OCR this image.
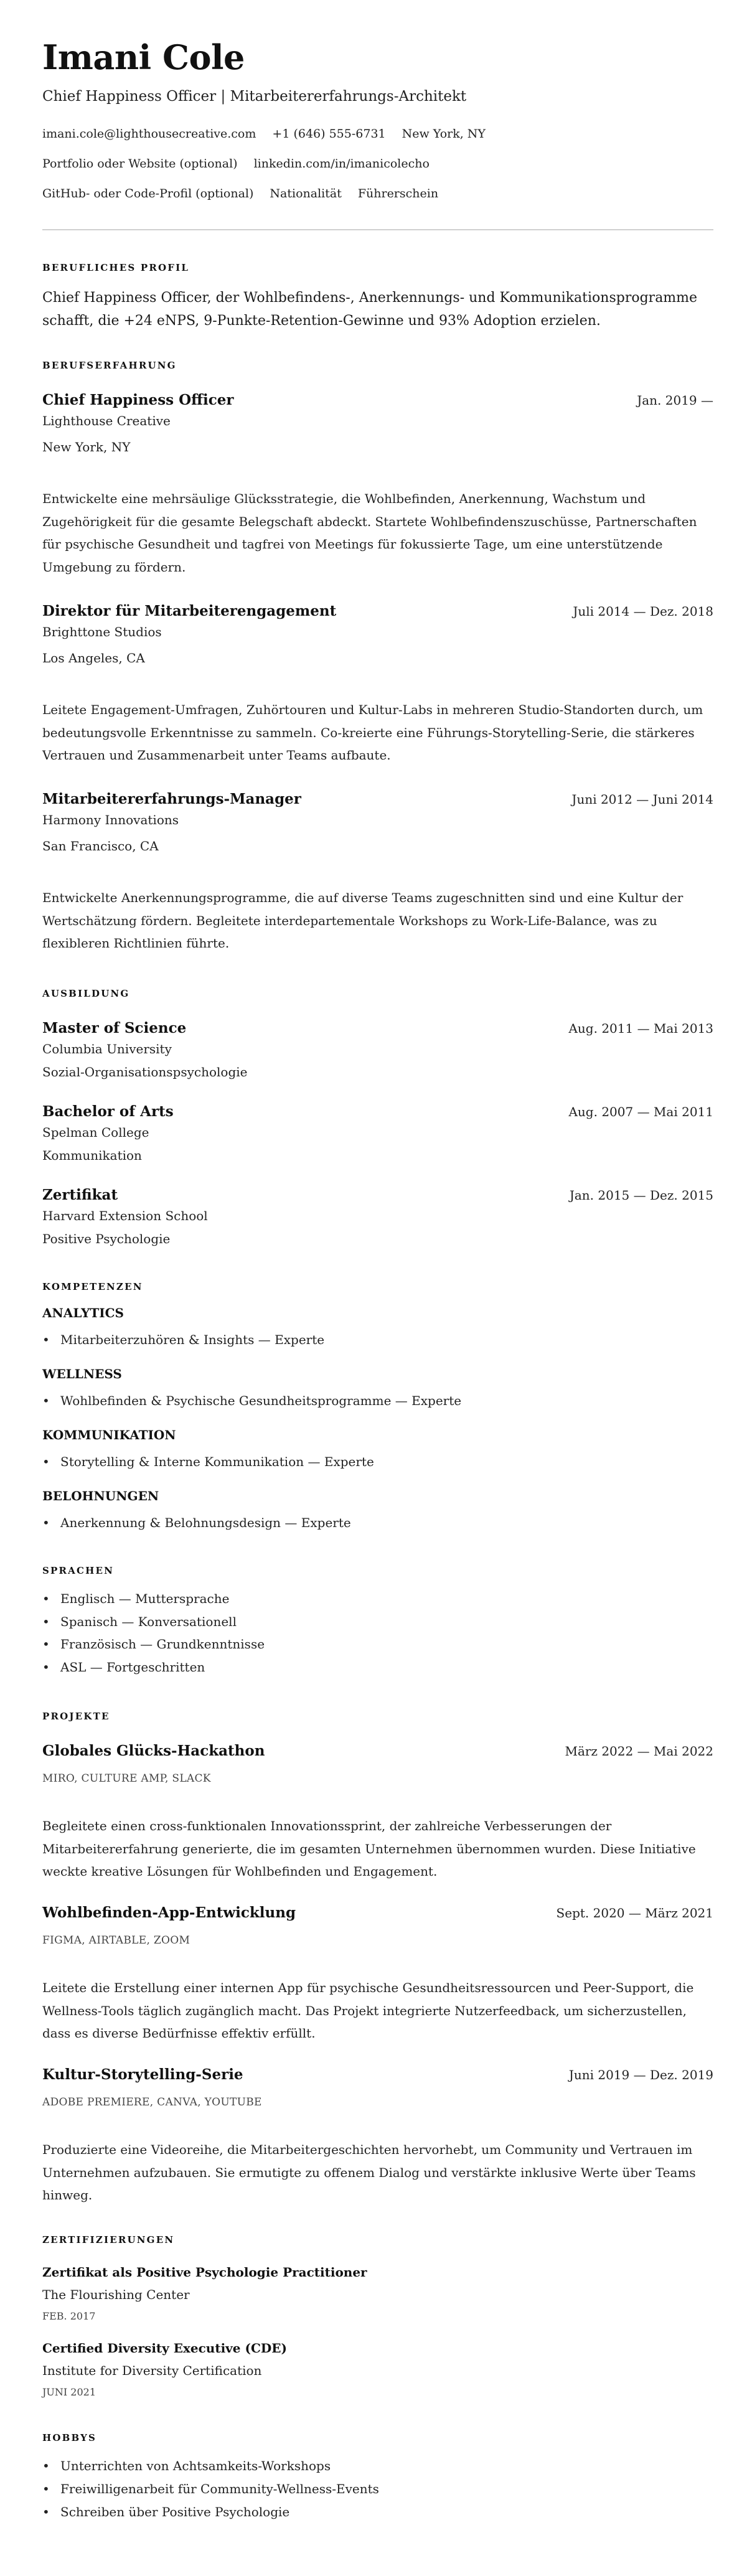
Imani Cole
Chief Happiness Officer | Mitarbeitererfahrungs-Architekt
imani.cole@lighthousecreative.com +1 (646) 555-6731 New York, NY
Portfolio oder Website (optional) linkedin.com/in/imanicolecho
GitHub- oder Code-Profil (optional) Nationalität Führerschein
BERUFLICHES PROFIL

Chief Happiness Officer, der Wohlbefindens-, Anerkennungs- und Kommunikationsprogramme schafft, die +24 eNPS, 9-Punkte-Retention-Gewinne und 93% Adoption erzielen.

BERUFSERFAHRUNG
Chief Happiness Officer	Jan. 2019 —
Lighthouse Creative
New York, NY
Entwickelte eine mehrsäulige Glücksstrategie, die Wohlbefinden, Anerkennung, Wachstum und Zugehörigkeit für die gesamte Belegschaft abdeckt. Startete Wohlbefindenszuschüsse, Partnerschaften für psychische Gesundheit und tagfrei von Meetings für fokussierte Tage, um eine unterstützende Umgebung zu fördern.
Direktor für Mitarbeiterengagement	Juli 2014 — Dez. 2018
Brighttone Studios
Los Angeles, CA
Leitete Engagement-Umfragen, Zuhörtouren und Kultur-Labs in mehreren Studio-Standorten durch, um bedeutungsvolle Erkenntnisse zu sammeln. Co-kreierte eine Führungs-Storytelling-Serie, die stärkeres Vertrauen und Zusammenarbeit unter Teams aufbaute.
Mitarbeitererfahrungs-Manager	Juni 2012 — Juni 2014
Harmony Innovations
San Francisco, CA
Entwickelte Anerkennungsprogramme, die auf diverse Teams zugeschnitten sind und eine Kultur der Wertschätzung fördern. Begleitete interdepartementale Workshops zu Work-Life-Balance, was zu flexibleren Richtlinien führte.
AUSBILDUNG
Master of Science	Aug. 2011 — Mai 2013
Columbia University
Sozial-Organisationspsychologie
Bachelor of Arts	Aug. 2007 — Mai 2011
Spelman College
Kommunikation
Zertifikat	Jan. 2015 — Dez. 2015
Harvard Extension School
Positive Psychologie
KOMPETENZEN
ANALYTICS
• Mitarbeiterzuhören & Insights — Experte
WELLNESS
• Wohlbefinden & Psychische Gesundheitsprogramme — Experte
KOMMUNIKATION
• Storytelling & Interne Kommunikation — Experte
BELOHNUNGEN
• Anerkennung & Belohnungsdesign — Experte
SPRACHEN
• Englisch — Muttersprache
• Spanisch — Konversationell
• Französisch — Grundkenntnisse
• ASL — Fortgeschritten
PROJEKTE
Globales Glücks-Hackathon	März 2022 — Mai 2022
MIRO, CULTURE AMP, SLACK
Begleitete einen cross-funktionalen Innovationssprint, der zahlreiche Verbesserungen der Mitarbeitererfahrung generierte, die im gesamten Unternehmen übernommen wurden. Diese Initiative weckte kreative Lösungen für Wohlbefinden und Engagement.
Wohlbefinden-App-Entwicklung	Sept. 2020 — März 2021
FIGMA, AIRTABLE, ZOOM
Leitete die Erstellung einer internen App für psychische Gesundheitsressourcen und Peer-Support, die Wellness-Tools täglich zugänglich macht. Das Projekt integrierte Nutzerfeedback, um sicherzustellen, dass es diverse Bedürfnisse effektiv erfüllt.
Kultur-Storytelling-Serie	Juni 2019 — Dez. 2019
ADOBE PREMIERE, CANVA, YOUTUBE
Produzierte eine Videoreihe, die Mitarbeitergeschichten hervorhebt, um Community und Vertrauen im Unternehmen aufzubauen. Sie ermutigte zu offenem Dialog und verstärkte inklusive Werte über Teams hinweg.
ZERTIFIZIERUNGEN
Zertifikat als Positive Psychologie Practitioner
The Flourishing Center
FEB. 2017
Certified Diversity Executive (CDE)
Institute for Diversity Certification
JUNI 2021
HOBBYS
• Unterrichten von Achtsamkeits-Workshops
• Freiwilligenarbeit für Community-Wellness-Events
• Schreiben über Positive Psychologie
